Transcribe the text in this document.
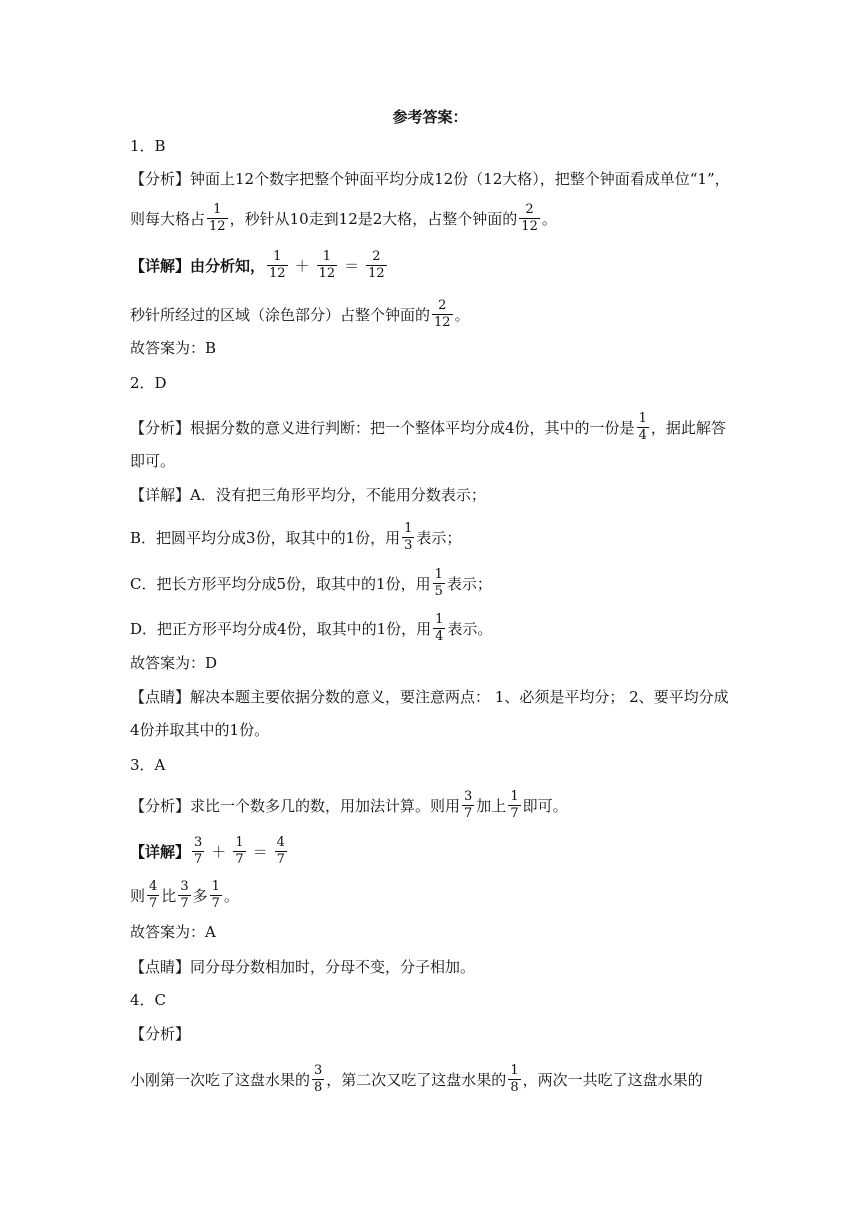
参考答案：
1．B
【分析】钟面上12个数字把整个钟面平均分成12份（12大格），把整个钟面看成单位“1”，
则每大格占 $\frac{1}{12}$ ，秒针从10走到12是2大格，占整个钟面的 $\frac{2}{12}$ 。
【详解】由分析知， $\frac{1}{12} + \frac{1}{12} = \frac{2}{12}$
秒针所经过的区域（涂色部分）占整个钟面的 $\frac{2}{12}$ 。
故答案为：B
2．D
【分析】根据分数的意义进行判断：把一个整体平均分成4份，其中的一份是 $\frac{1}{4}$ ，据此解答
即可。
【详解】A．没有把三角形平均分，不能用分数表示；
B．把圆平均分成3份，取其中的1份，用 $\frac{1}{3}$ 表示；
C．把长方形平均分成5份，取其中的1份，用 $\frac{1}{5}$ 表示；
D．把正方形平均分成4份，取其中的1份，用 $\frac{1}{4}$ 表示。
故答案为：D
【点睛】解决本题主要依据分数的意义，要注意两点： 1、必须是平均分； 2、要平均分成
4份并取其中的1份。
3．A
【分析】求比一个数多几的数，用加法计算。则用 $\frac{3}{7}$ 加上 $\frac{1}{7}$ 即可。
【详解】 $\frac{3}{7} + \frac{1}{7} = \frac{4}{7}$
则 $\frac{4}{7}$ 比 $\frac{3}{7}$ 多 $\frac{1}{7}$ 。
故答案为：A
【点睛】同分母分数相加时，分母不变，分子相加。
4．C
【分析】
小刚第一次吃了这盘水果的 $\frac{3}{8}$ ，第二次又吃了这盘水果的 $\frac{1}{8}$ ，两次一共吃了这盘水果的
